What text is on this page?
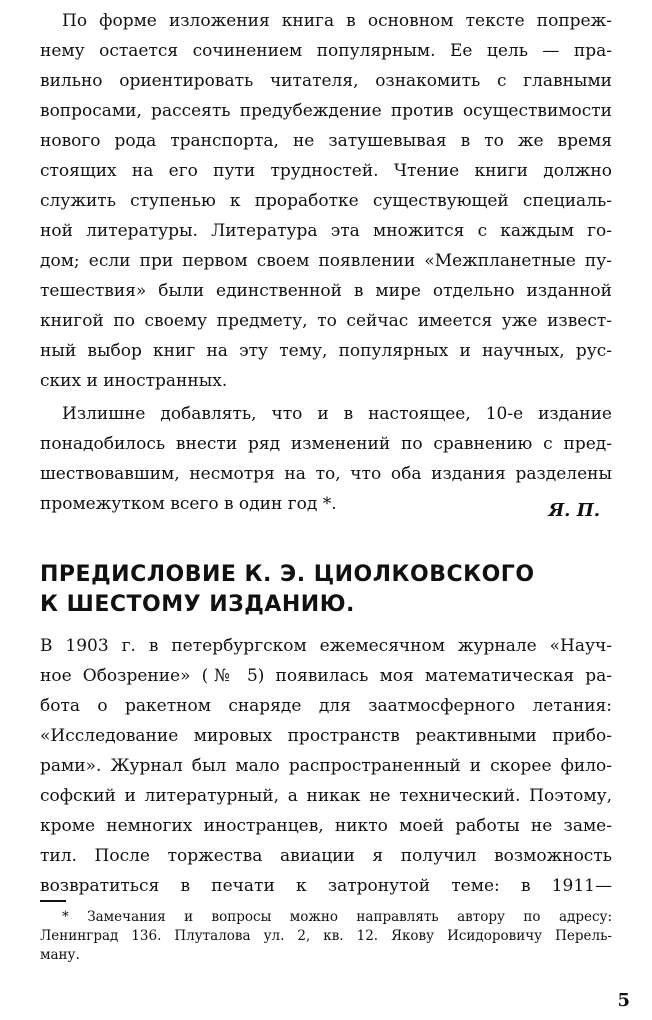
По форме изложения книга в основном тексте попреж-
нему остается сочинением популярным. Ее цель — пра-
вильно ориентировать читателя, ознакомить с главными
вопросами, рассеять предубеждение против осуществимости
нового рода транспорта, не затушевывая в то же время
стоящих на его пути трудностей. Чтение книги должно
служить ступенью к проработке существующей специаль-
ной литературы. Литература эта множится с каждым го-
дом; если при первом своем появлении «Межпланетные пу-
тешествия» были единственной в мире отдельно изданной
книгой по своему предмету, то сейчас имеется уже извест-
ный выбор книг на эту тему, популярных и научных, рус-
ских и иностранных.
Излишне добавлять, что и в настоящее, 10-е издание
понадобилось внести ряд изменений по сравнению с пред-
шествовавшим, несмотря на то, что оба издания разделены
промежутком всего в один год *.	Я. П.
ПРЕДИСЛОВИЕ К. Э. ЦИОЛКОВСКОГО
К ШЕСТОМУ ИЗДАНИЮ.
В 1903 г. в петербургском ежемесячном журнале «Науч-
ное Обозрение» (№ 5) появилась моя математическая ра-
бота о ракетном снаряде для заатмосферного летания:
«Исследование мировых пространств реактивными прибо-
рами». Журнал был мало распространенный и скорее фило-
софский и литературный, а никак не технический. Поэтому,
кроме немногих иностранцев, никто моей работы не заме-
тил. После торжества авиации я получил возможность
возвратиться в печати к затронутой теме: в 1911—
* Замечания и вопросы можно направлять автору по адресу:
Ленинград 136. Плуталова ул. 2, кв. 12. Якову Исидоровичу Перель-
ману.
5
